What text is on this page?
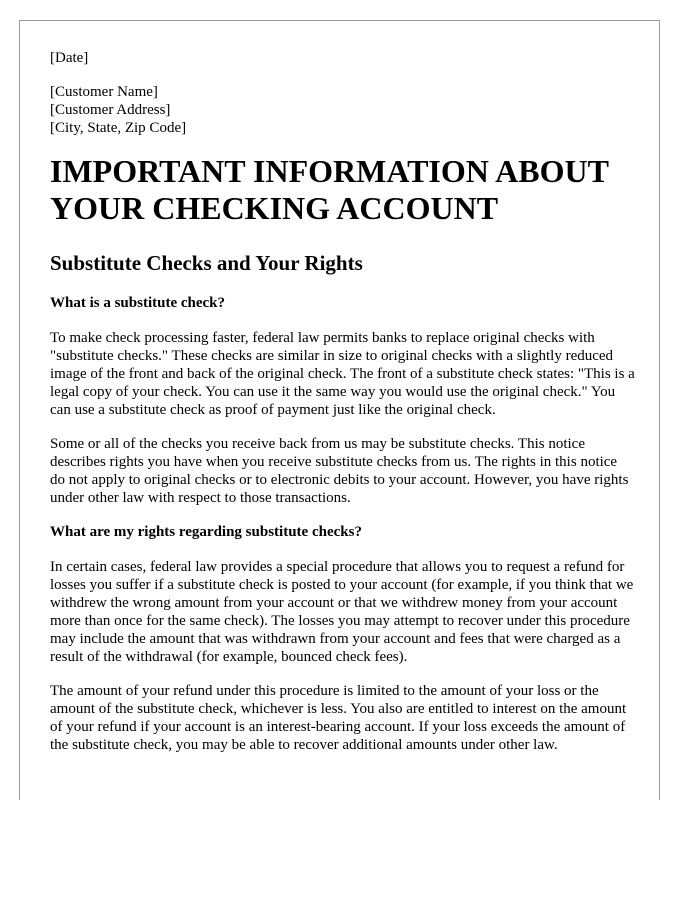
[Date]

[Customer Name]

[Customer Address]

[City, State, Zip Code]

IMPORTANT INFORMATION ABOUT
YOUR CHECKING ACCOUNT
Substitute Checks and Your Rights

What is a substitute check?

To make check processing faster, federal law permits banks to replace original checks with "substitute checks." These checks are similar in size to original checks with a slightly reduced image of the front and back of the original check. The front of a substitute check states: "This is a legal copy of your check. You can use it the same way you would use the original check." You can use a substitute check as proof of payment just like the original check.

Some or all of the checks you receive back from us may be substitute checks. This notice describes rights you have when you receive substitute checks from us. The rights in this notice do not apply to original checks or to electronic debits to your account. However, you have rights under other law with respect to those transactions.

What are my rights regarding substitute checks?

In certain cases, federal law provides a special procedure that allows you to request a refund for losses you suffer if a substitute check is posted to your account (for example, if you think that we withdrew the wrong amount from your account or that we withdrew money from your account more than once for the same check). The losses you may attempt to recover under this procedure may include the amount that was withdrawn from your account and fees that were charged as a result of the withdrawal (for example, bounced check fees).

The amount of your refund under this procedure is limited to the amount of your loss or the amount of the substitute check, whichever is less. You also are entitled to interest on the amount of your refund if your account is an interest-bearing account. If your loss exceeds the amount of the substitute check, you may be able to recover additional amounts under other law.
